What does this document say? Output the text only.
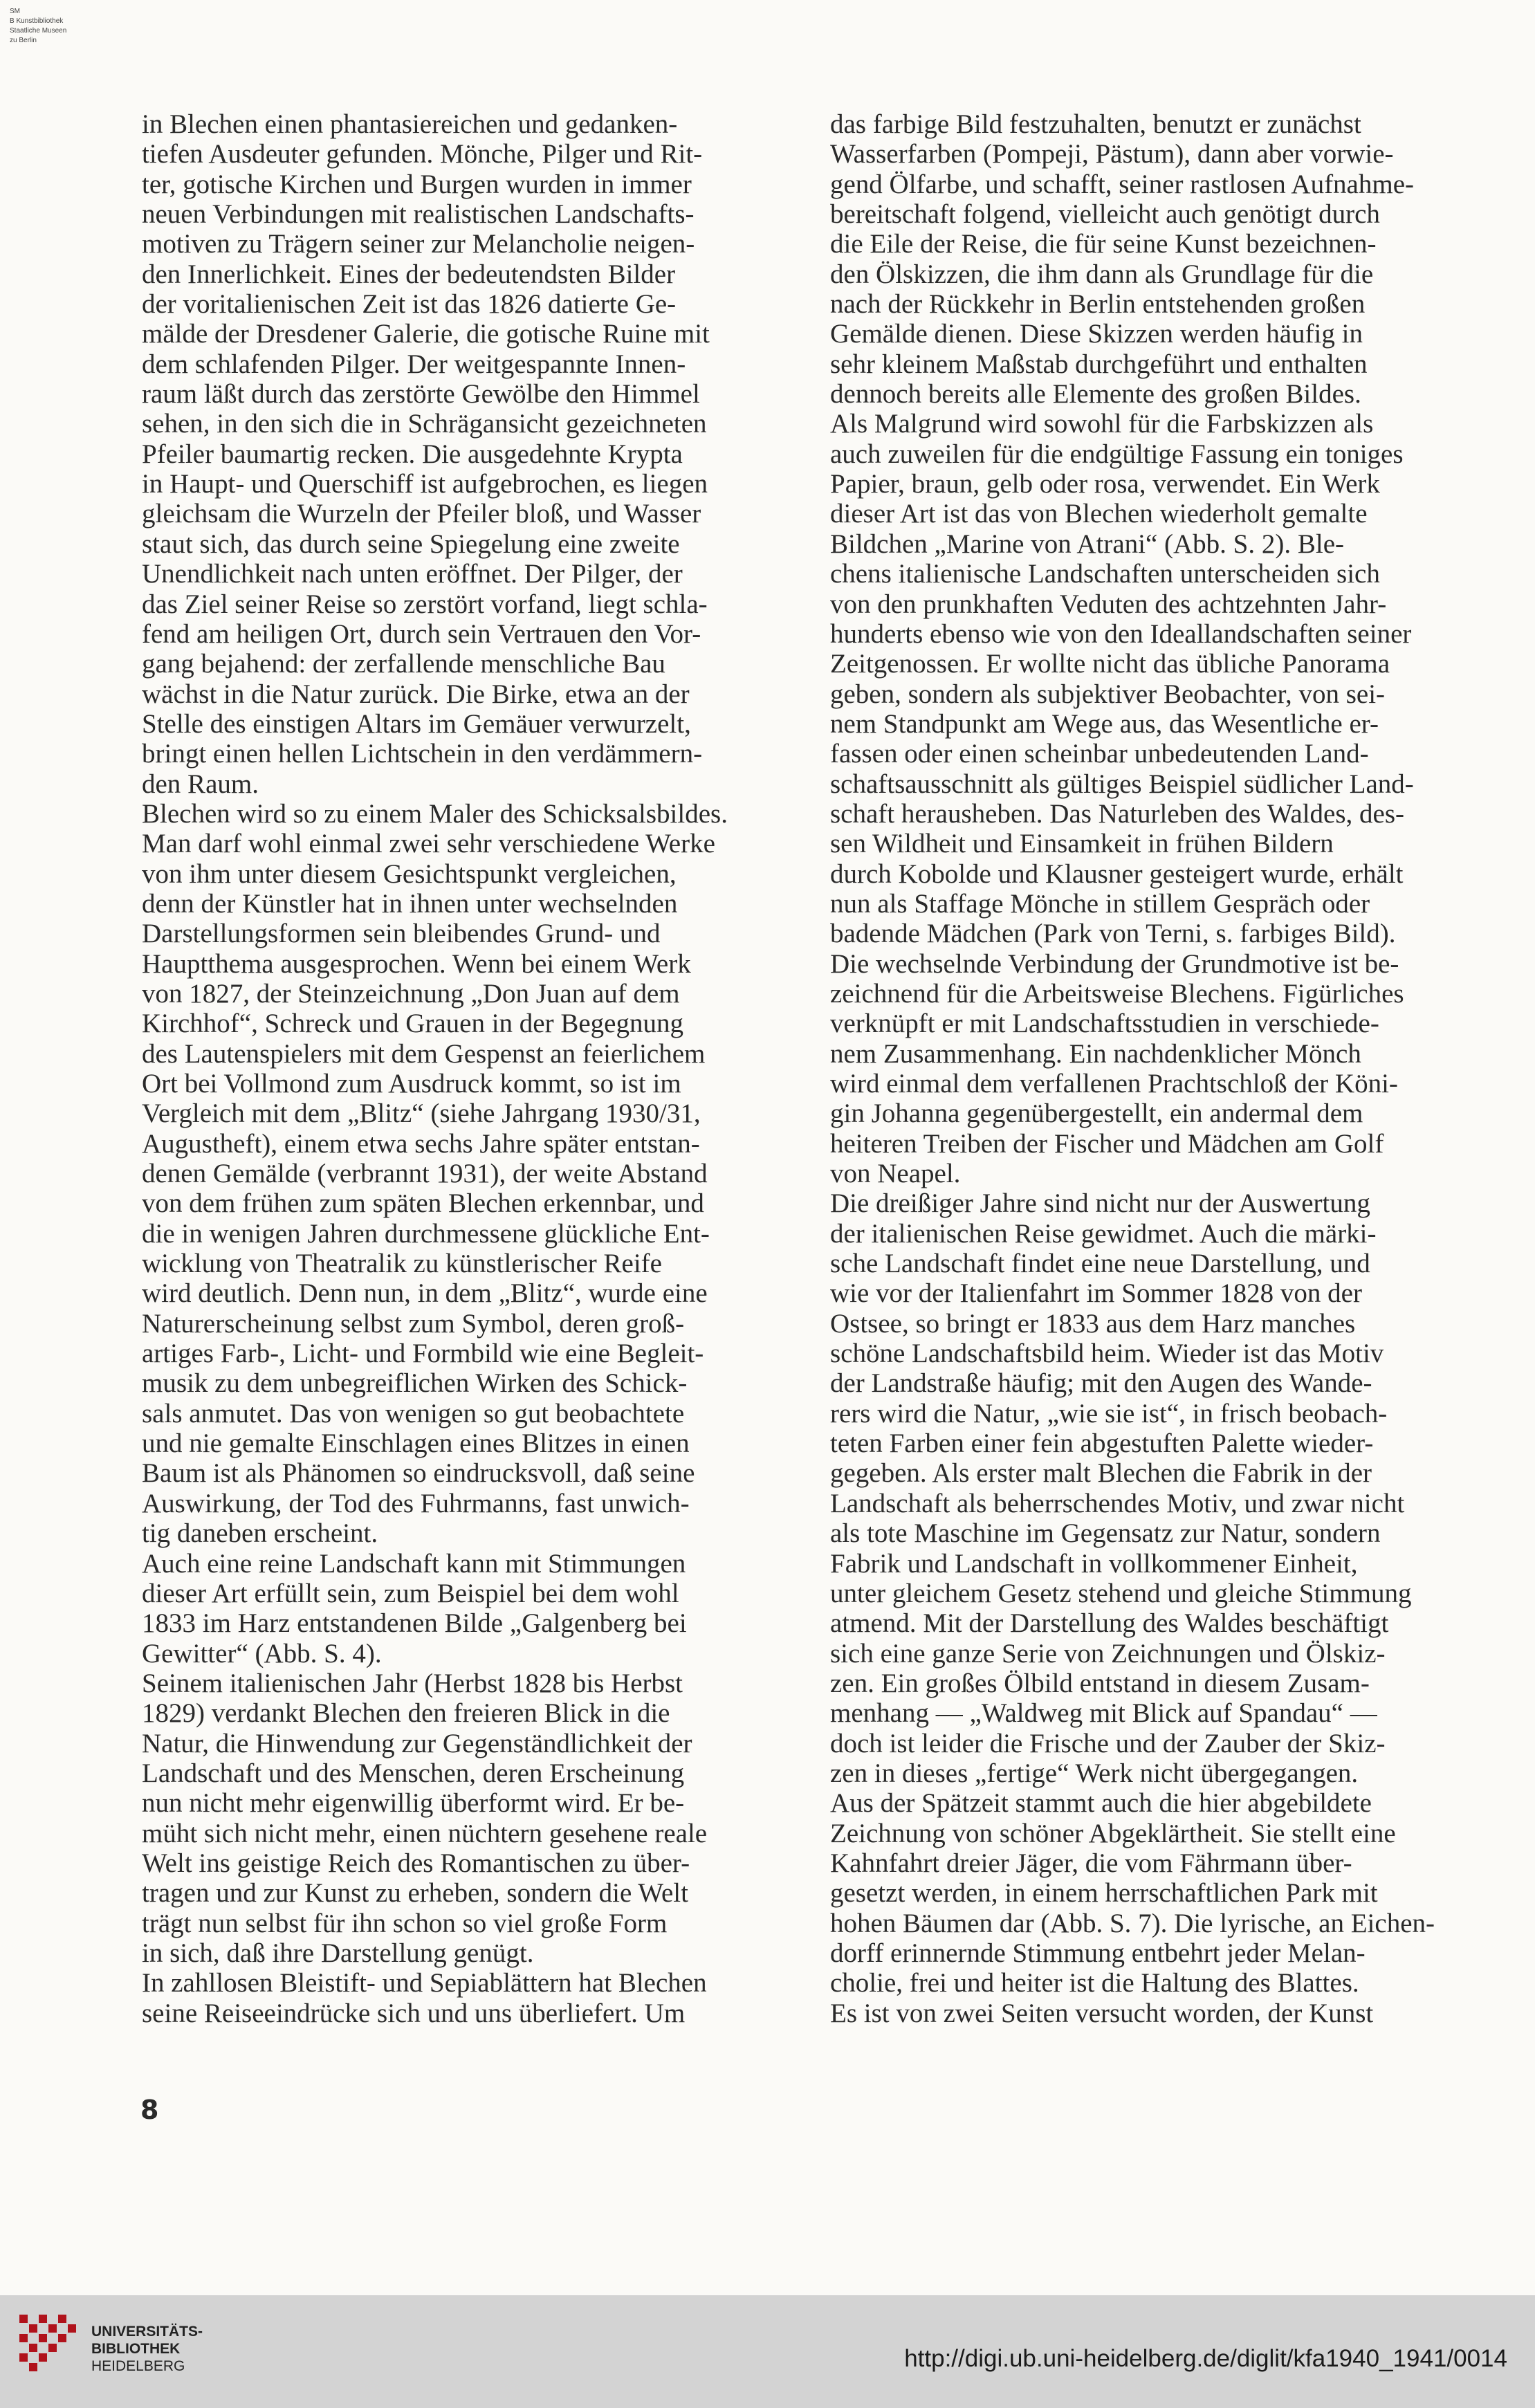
SM
B Kunstbibliothek
Staatliche Museen
zu Berlin
in Blechen einen phantasiereichen und gedanken-
tiefen Ausdeuter gefunden. Mönche, Pilger und Rit-
ter, gotische Kirchen und Burgen wurden in immer
neuen Verbindungen mit realistischen Landschafts-
motiven zu Trägern seiner zur Melancholie neigen-
den Innerlichkeit. Eines der bedeutendsten Bilder
der voritalienischen Zeit ist das 1826 datierte Ge-
mälde der Dresdener Galerie, die gotische Ruine mit
dem schlafenden Pilger. Der weitgespannte Innen-
raum läßt durch das zerstörte Gewölbe den Himmel
sehen, in den sich die in Schrägansicht gezeichneten
Pfeiler baumartig recken. Die ausgedehnte Krypta
in Haupt- und Querschiff ist aufgebrochen, es liegen
gleichsam die Wurzeln der Pfeiler bloß, und Wasser
staut sich, das durch seine Spiegelung eine zweite
Unendlichkeit nach unten eröffnet. Der Pilger, der
das Ziel seiner Reise so zerstört vorfand, liegt schla-
fend am heiligen Ort, durch sein Vertrauen den Vor-
gang bejahend: der zerfallende menschliche Bau
wächst in die Natur zurück. Die Birke, etwa an der
Stelle des einstigen Altars im Gemäuer verwurzelt,
bringt einen hellen Lichtschein in den verdämmern-
den Raum.
Blechen wird so zu einem Maler des Schicksalsbildes.
Man darf wohl einmal zwei sehr verschiedene Werke
von ihm unter diesem Gesichtspunkt vergleichen,
denn der Künstler hat in ihnen unter wechselnden
Darstellungsformen sein bleibendes Grund- und
Hauptthema ausgesprochen. Wenn bei einem Werk
von 1827, der Steinzeichnung „Don Juan auf dem
Kirchhof“, Schreck und Grauen in der Begegnung
des Lautenspielers mit dem Gespenst an feierlichem
Ort bei Vollmond zum Ausdruck kommt, so ist im
Vergleich mit dem „Blitz“ (siehe Jahrgang 1930/31,
Augustheft), einem etwa sechs Jahre später entstan-
denen Gemälde (verbrannt 1931), der weite Abstand
von dem frühen zum späten Blechen erkennbar, und
die in wenigen Jahren durchmessene glückliche Ent-
wicklung von Theatralik zu künstlerischer Reife
wird deutlich. Denn nun, in dem „Blitz“, wurde eine
Naturerscheinung selbst zum Symbol, deren groß-
artiges Farb-, Licht- und Formbild wie eine Begleit-
musik zu dem unbegreiflichen Wirken des Schick-
sals anmutet. Das von wenigen so gut beobachtete
und nie gemalte Einschlagen eines Blitzes in einen
Baum ist als Phänomen so eindrucksvoll, daß seine
Auswirkung, der Tod des Fuhrmanns, fast unwich-
tig daneben erscheint.
Auch eine reine Landschaft kann mit Stimmungen
dieser Art erfüllt sein, zum Beispiel bei dem wohl
1833 im Harz entstandenen Bilde „Galgenberg bei
Gewitter“ (Abb. S. 4).
Seinem italienischen Jahr (Herbst 1828 bis Herbst
1829) verdankt Blechen den freieren Blick in die
Natur, die Hinwendung zur Gegenständlichkeit der
Landschaft und des Menschen, deren Erscheinung
nun nicht mehr eigenwillig überformt wird. Er be-
müht sich nicht mehr, einen nüchtern gesehene reale
Welt ins geistige Reich des Romantischen zu über-
tragen und zur Kunst zu erheben, sondern die Welt
trägt nun selbst für ihn schon so viel große Form
in sich, daß ihre Darstellung genügt.
In zahllosen Bleistift- und Sepiablättern hat Blechen
seine Reiseeindrücke sich und uns überliefert. Um
das farbige Bild festzuhalten, benutzt er zunächst
Wasserfarben (Pompeji, Pästum), dann aber vorwie-
gend Ölfarbe, und schafft, seiner rastlosen Aufnahme-
bereitschaft folgend, vielleicht auch genötigt durch
die Eile der Reise, die für seine Kunst bezeichnen-
den Ölskizzen, die ihm dann als Grundlage für die
nach der Rückkehr in Berlin entstehenden großen
Gemälde dienen. Diese Skizzen werden häufig in
sehr kleinem Maßstab durchgeführt und enthalten
dennoch bereits alle Elemente des großen Bildes.
Als Malgrund wird sowohl für die Farbskizzen als
auch zuweilen für die endgültige Fassung ein toniges
Papier, braun, gelb oder rosa, verwendet. Ein Werk
dieser Art ist das von Blechen wiederholt gemalte
Bildchen „Marine von Atrani“ (Abb. S. 2). Ble-
chens italienische Landschaften unterscheiden sich
von den prunkhaften Veduten des achtzehnten Jahr-
hunderts ebenso wie von den Ideallandschaften seiner
Zeitgenossen. Er wollte nicht das übliche Panorama
geben, sondern als subjektiver Beobachter, von sei-
nem Standpunkt am Wege aus, das Wesentliche er-
fassen oder einen scheinbar unbedeutenden Land-
schaftsausschnitt als gültiges Beispiel südlicher Land-
schaft herausheben. Das Naturleben des Waldes, des-
sen Wildheit und Einsamkeit in frühen Bildern
durch Kobolde und Klausner gesteigert wurde, erhält
nun als Staffage Mönche in stillem Gespräch oder
badende Mädchen (Park von Terni, s. farbiges Bild).
Die wechselnde Verbindung der Grundmotive ist be-
zeichnend für die Arbeitsweise Blechens. Figürliches
verknüpft er mit Landschaftsstudien in verschiede-
nem Zusammenhang. Ein nachdenklicher Mönch
wird einmal dem verfallenen Prachtschloß der Köni-
gin Johanna gegenübergestellt, ein andermal dem
heiteren Treiben der Fischer und Mädchen am Golf
von Neapel.
Die dreißiger Jahre sind nicht nur der Auswertung
der italienischen Reise gewidmet. Auch die märki-
sche Landschaft findet eine neue Darstellung, und
wie vor der Italienfahrt im Sommer 1828 von der
Ostsee, so bringt er 1833 aus dem Harz manches
schöne Landschaftsbild heim. Wieder ist das Motiv
der Landstraße häufig; mit den Augen des Wande-
rers wird die Natur, „wie sie ist“, in frisch beobach-
teten Farben einer fein abgestuften Palette wieder-
gegeben. Als erster malt Blechen die Fabrik in der
Landschaft als beherrschendes Motiv, und zwar nicht
als tote Maschine im Gegensatz zur Natur, sondern
Fabrik und Landschaft in vollkommener Einheit,
unter gleichem Gesetz stehend und gleiche Stimmung
atmend. Mit der Darstellung des Waldes beschäftigt
sich eine ganze Serie von Zeichnungen und Ölskiz-
zen. Ein großes Ölbild entstand in diesem Zusam-
menhang — „Waldweg mit Blick auf Spandau“ —
doch ist leider die Frische und der Zauber der Skiz-
zen in dieses „fertige“ Werk nicht übergegangen.
Aus der Spätzeit stammt auch die hier abgebildete
Zeichnung von schöner Abgeklärtheit. Sie stellt eine
Kahnfahrt dreier Jäger, die vom Fährmann über-
gesetzt werden, in einem herrschaftlichen Park mit
hohen Bäumen dar (Abb. S. 7). Die lyrische, an Eichen-
dorff erinnernde Stimmung entbehrt jeder Melan-
cholie, frei und heiter ist die Haltung des Blattes.
Es ist von zwei Seiten versucht worden, der Kunst
8
UNIVERSITÄTS-
BIBLIOTHEK
HEIDELBERG	http://digi.ub.uni-heidelberg.de/diglit/kfa1940_1941/0014
